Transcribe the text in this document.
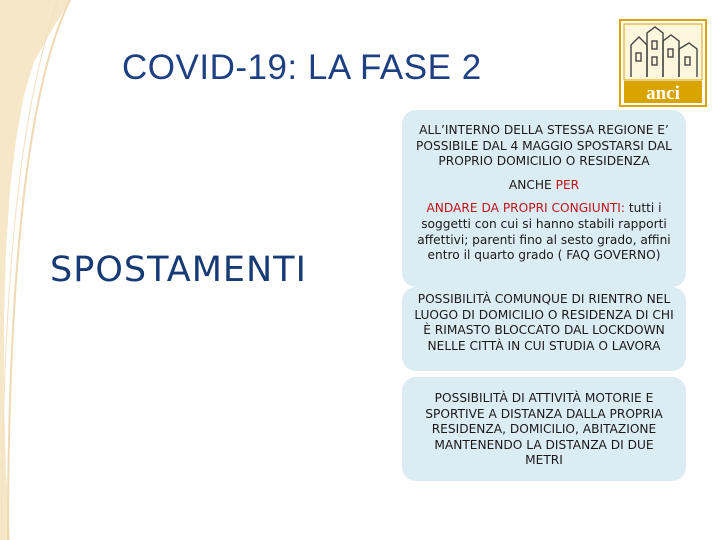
COVID-19: LA FASE 2
anci
SPOSTAMENTI
ALL’INTERNO DELLA STESSA REGIONE E’ POSSIBILE DAL 4 MAGGIO SPOSTARSI DAL PROPRIO DOMICILIO O RESIDENZA
ANCHE PER
ANDARE DA PROPRI CONGIUNTI: tutti i soggetti con cui si hanno stabili rapporti affettivi; parenti fino al sesto grado, affini entro il quarto grado ( FAQ GOVERNO)
POSSIBILITÀ COMUNQUE DI RIENTRO NEL LUOGO DI DOMICILIO O RESIDENZA DI CHI È RIMASTO BLOCCATO DAL LOCKDOWN NELLE CITTÀ IN CUI STUDIA O LAVORA
POSSIBILITÀ DI ATTIVITÀ MOTORIE E SPORTIVE A DISTANZA DALLA PROPRIA RESIDENZA, DOMICILIO, ABITAZIONE MANTENENDO LA DISTANZA DI DUE METRI
